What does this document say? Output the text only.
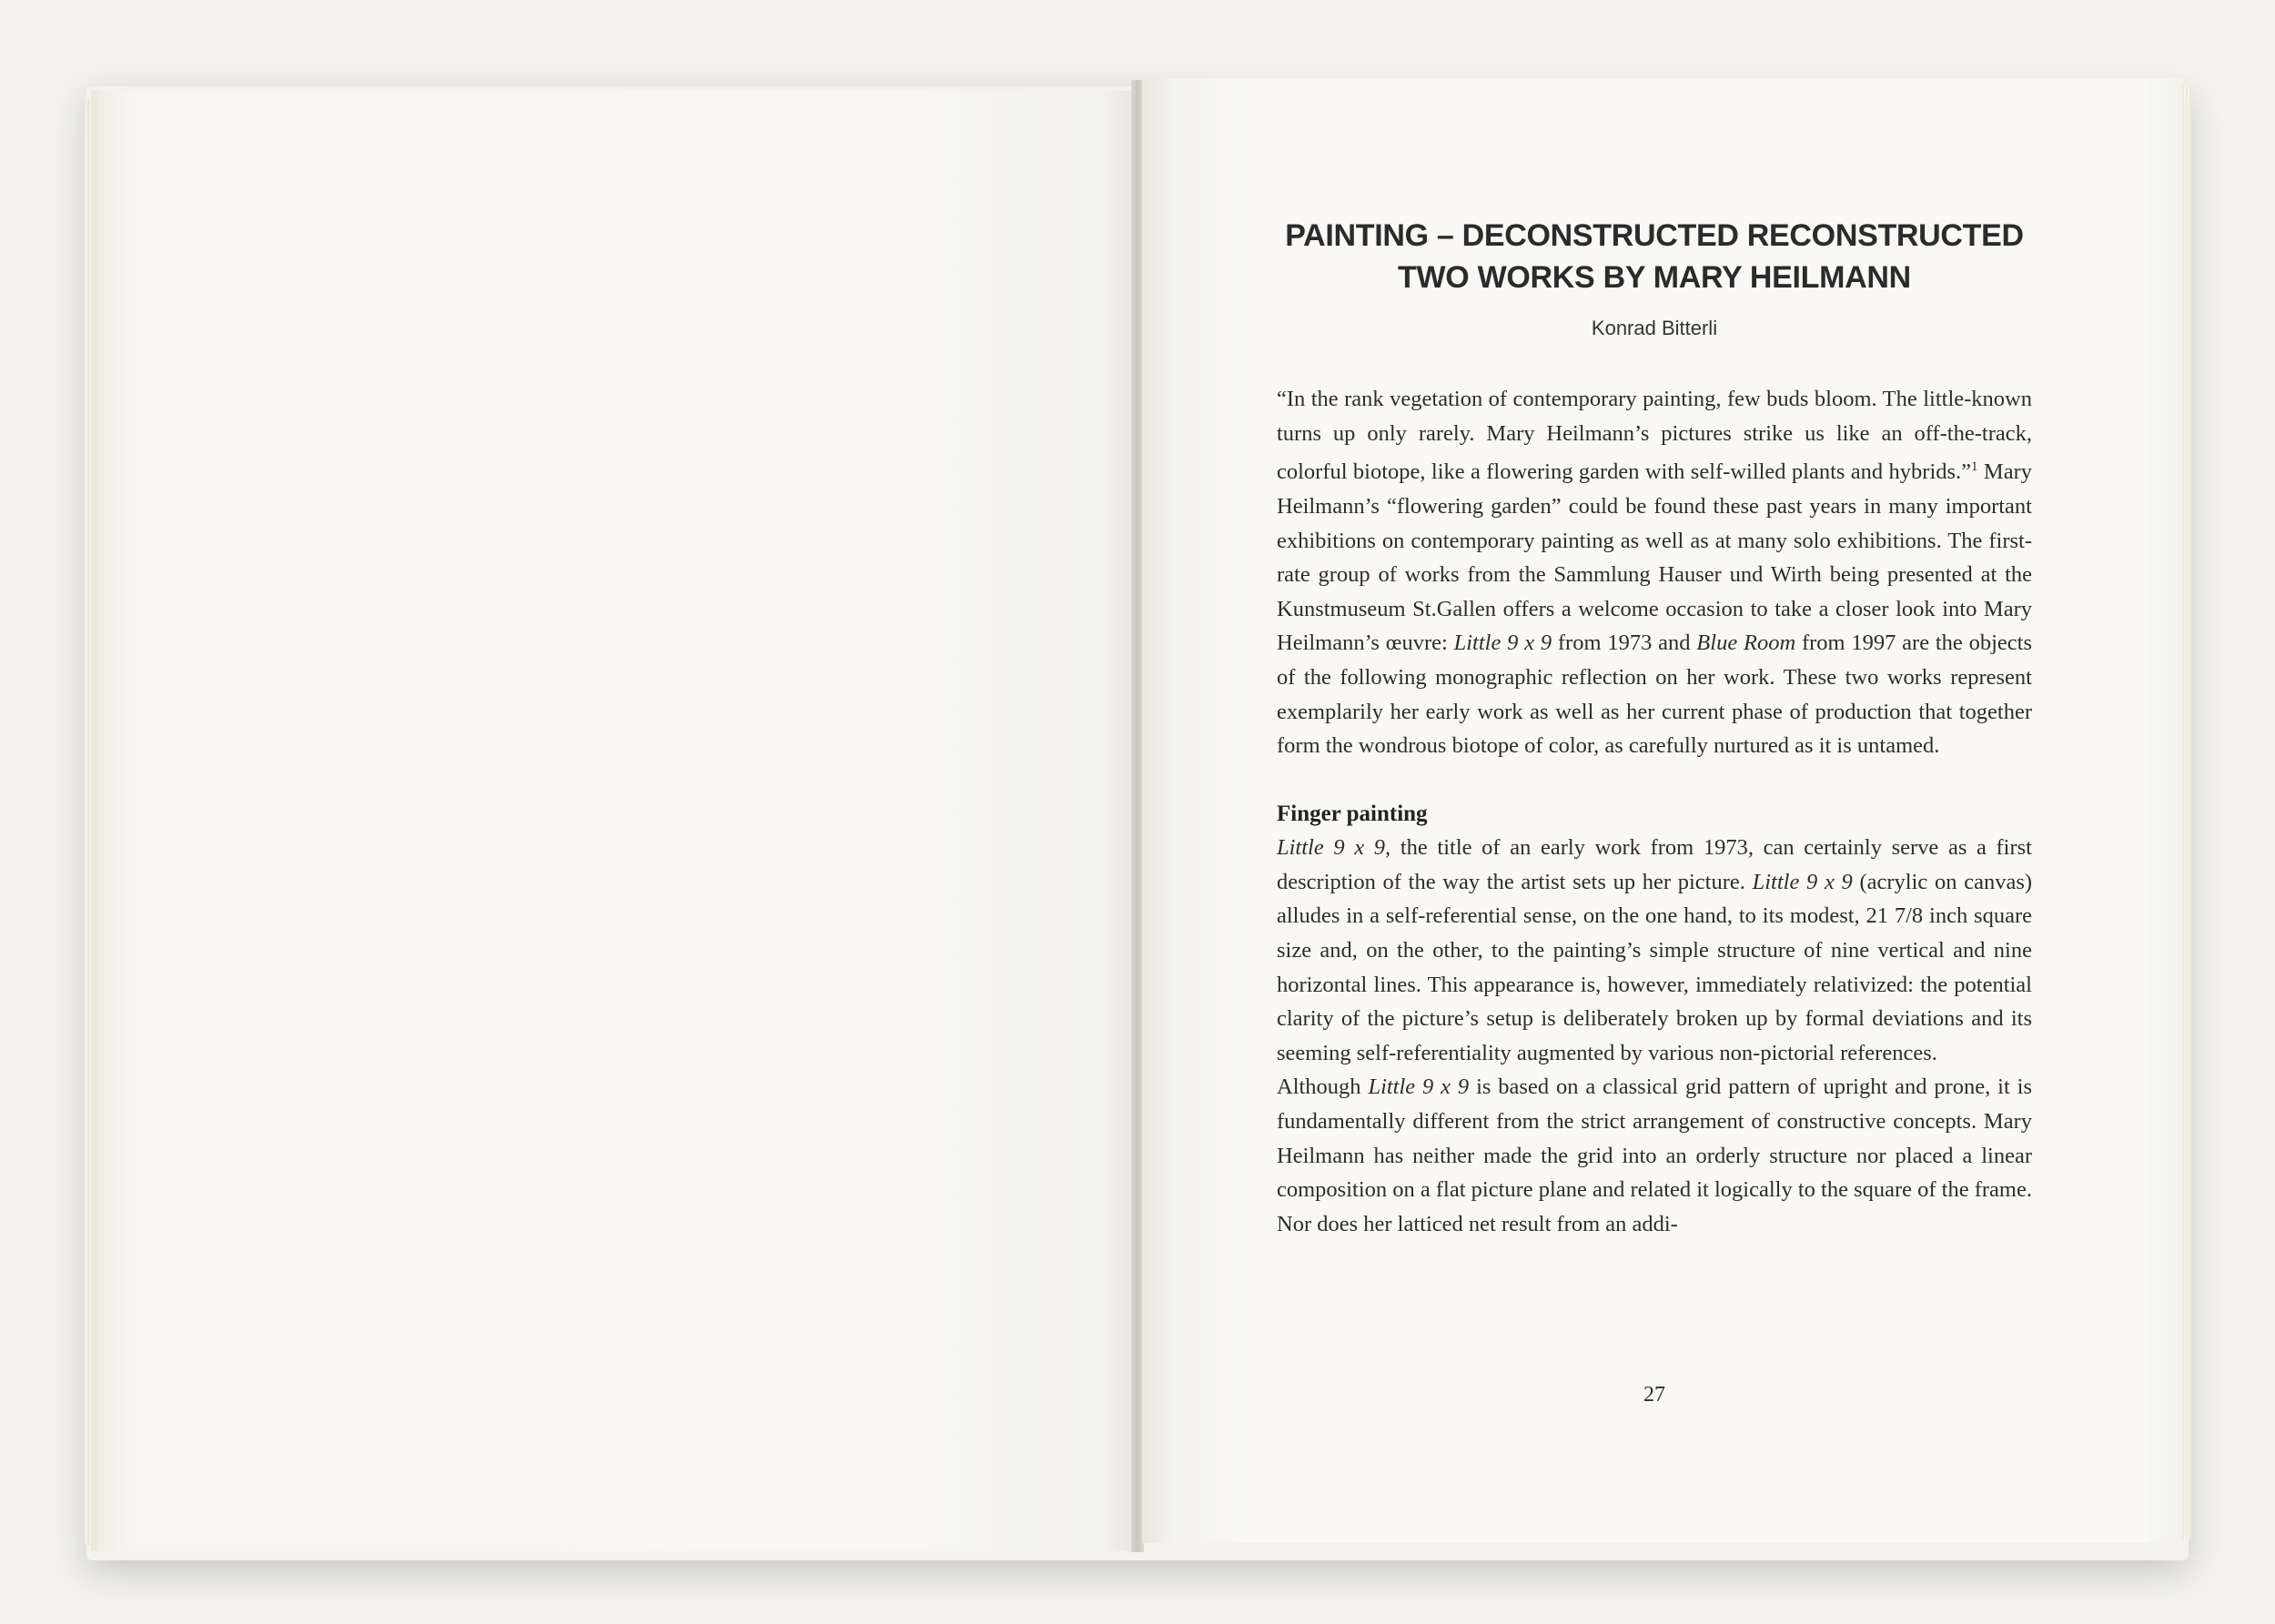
PAINTING – DECONSTRUCTED RECONSTRUCTED
TWO WORKS BY MARY HEILMANN
Konrad Bitterli

“In the rank vegetation of contemporary painting, few buds bloom. The little-known turns up only rarely. Mary Heilmann’s pictures strike us like an off-the-track, colorful biotope, like a flowering garden with self-willed plants and hybrids.”$^1$ Mary Heilmann’s “flowering garden” could be found these past years in many important exhibitions on contemporary painting as well as at many solo exhibitions. The first-rate group of works from the Sammlung Hauser und Wirth being presented at the Kunstmuseum St.Gallen offers a welcome occasion to take a closer look into Mary Heilmann’s œuvre: Little 9 x 9 from 1973 and Blue Room from 1997 are the objects of the following monographic reflection on her work. These two works represent exemplarily her early work as well as her current phase of production that together form the wondrous biotope of color, as carefully nurtured as it is untamed.

Finger painting

Little 9 x 9, the title of an early work from 1973, can certainly serve as a first description of the way the artist sets up her picture. Little 9 x 9 (acrylic on canvas) alludes in a self-referential sense, on the one hand, to its modest, 21 7/8 inch square size and, on the other, to the painting’s simple structure of nine vertical and nine horizontal lines. This appearance is, however, immediately relativized: the potential clarity of the picture’s setup is deliberately broken up by formal deviations and its seeming self-referentiality augmented by various non-pictorial references.

Although Little 9 x 9 is based on a classical grid pattern of upright and prone, it is fundamentally different from the strict arrangement of constructive concepts. Mary Heilmann has neither made the grid into an orderly structure nor placed a linear composition on a flat picture plane and related it logically to the square of the frame. Nor does her latticed net result from an addi-

27
